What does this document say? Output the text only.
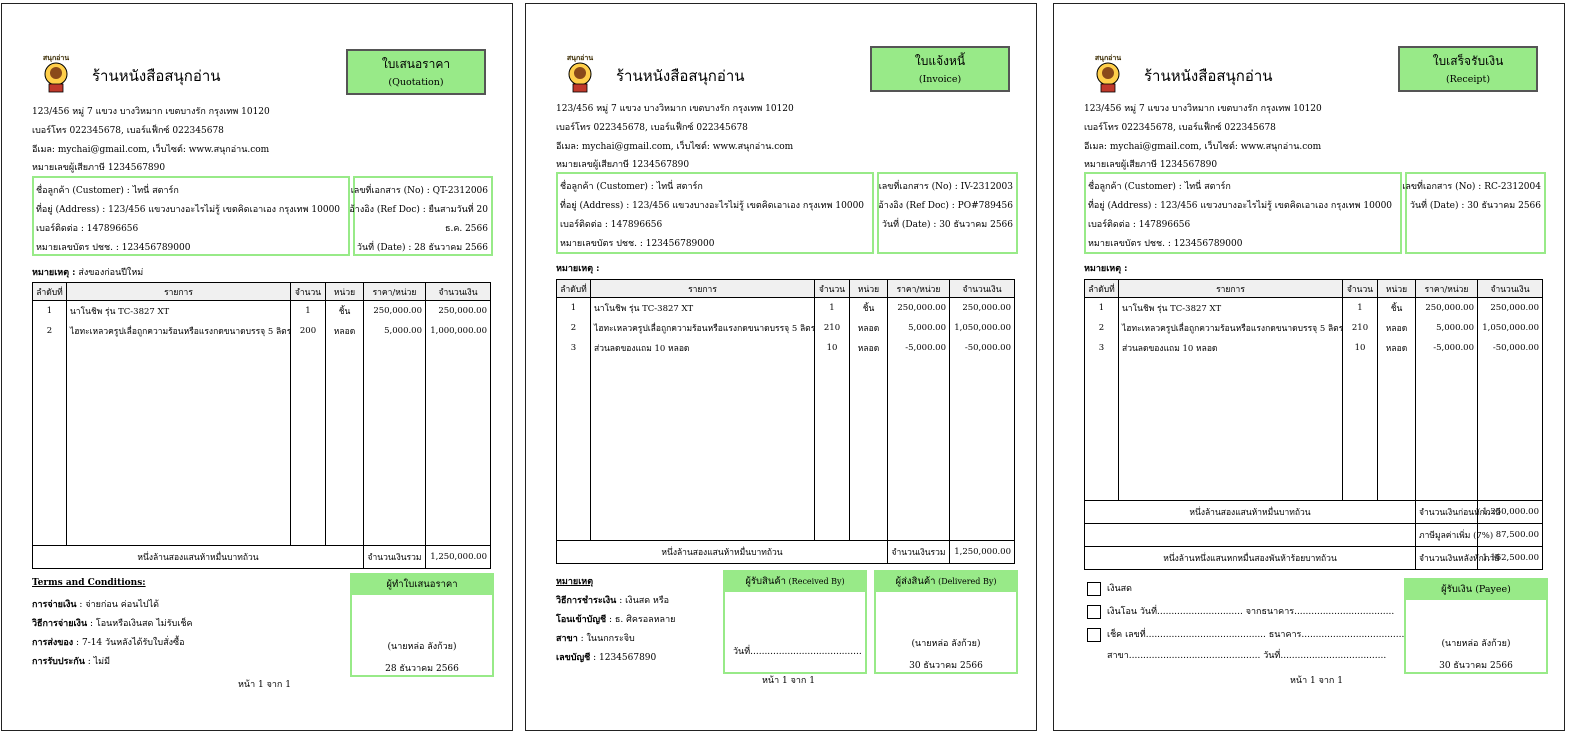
สนุกอ่าน
ร้านหนังสือสนุกอ่าน
ใบเสนอราคา
(Quotation)
123/456 หมู่ 7 แขวง บางวิหมาก เขตบางรัก กรุงเทพ 10120
เบอร์โทร 022345678, เบอร์แฟ็กซ์ 022345678
อีเมล: mychai@gmail.com, เว็บไซต์: www.สนุกอ่าน.com
หมายเลขผู้เสียภาษี 1234567890
ชื่อลูกค้า (Customer) : ไทนี่ สตาร์ก
ที่อยู่ (Address) : 123/456 แขวงบางอะไรไม่รู้ เขตคิดเอาเอง กรุงเทพ 10000
เบอร์ติดต่อ : 147896656
หมายเลขบัตร ปชช. : 123456789000
เลขที่เอกสาร (No) : QT-2312006
อ้างอิง (Ref Doc) : ยืนสามวันที่ 20
ธ.ค. 2566
วันที่ (Date) : 28 ธันวาคม 2566
หมายเหตุ : ส่งของก่อนปีใหม่
ลำดับที่	รายการ	จำนวน	หน่วย	ราคา/หน่วย	จำนวนเงิน
1	นาโนชิพ รุ่น TC-3827 XT	1	ชิ้น	250,000.00	250,000.00
2	ไฮทะเหลวครูปเลื่อถูกความร้อนหรือแรงกดขนาดบรรจุ 5 ลิตร	200	หลอด	5,000.00	1,000,000.00

หนึ่งล้านสองแสนห้าหมื่นบาทถ้วน				จำนวนเงินรวม	1,250,000.00
Terms and Conditions:
การจ่ายเงิน : จ่ายก่อน ค่อนไปได้
วิธีการจ่ายเงิน : โอนหรือเงินสด ไม่รับเช็ค
การส่งของ : 7-14 วันหลังได้รับใบสั่งซื้อ
การรับประกัน : ไม่มี
ผู้ทำใบเสนอราคา
(นายหล่อ ลังก้วย)
28 ธันวาคม 2566
หน้า 1 จาก 1
สนุกอ่าน
ร้านหนังสือสนุกอ่าน
ใบแจ้งหนี้
(Invoice)
123/456 หมู่ 7 แขวง บางวิหมาก เขตบางรัก กรุงเทพ 10120
เบอร์โทร 022345678, เบอร์แฟ็กซ์ 022345678
อีเมล: mychai@gmail.com, เว็บไซต์: www.สนุกอ่าน.com
หมายเลขผู้เสียภาษี 1234567890
ชื่อลูกค้า (Customer) : ไทนี่ สตาร์ก
ที่อยู่ (Address) : 123/456 แขวงบางอะไรไม่รู้ เขตคิดเอาเอง กรุงเทพ 10000
เบอร์ติดต่อ : 147896656
หมายเลขบัตร ปชช. : 123456789000
เลขที่เอกสาร (No) : IV-2312003
อ้างอิง (Ref Doc) : PO#789456
วันที่ (Date) : 30 ธันวาคม 2566
หมายเหตุ :
ลำดับที่	รายการ	จำนวน	หน่วย	ราคา/หน่วย	จำนวนเงิน
1	นาโนชิพ รุ่น TC-3827 XT	1	ชิ้น	250,000.00	250,000.00
2	ไฮทะเหลวครูปเลื่อถูกความร้อนหรือแรงกดขนาดบรรจุ 5 ลิตร	210	หลอด	5,000.00	1,050,000.00
3	ส่วนลดของแถม 10 หลอด	10	หลอด	-5,000.00	-50,000.00

หนึ่งล้านสองแสนห้าหมื่นบาทถ้วน				จำนวนเงินรวม	1,250,000.00
หมายเหตุ
วิธีการชำระเงิน : เงินสด หรือ
โอนเข้าบัญชี : ธ. ศิครอลหลาย
สาขา : ในนกกระจิบ
เลขบัญชี : 1234567890
ผู้รับสินค้า (Received By)
วันที่.......................................
ผู้ส่งสินค้า (Delivered By)
(นายหล่อ ลังก้วย)
30 ธันวาคม 2566
หน้า 1 จาก 1
สนุกอ่าน
ร้านหนังสือสนุกอ่าน
ใบเสร็จรับเงิน
(Receipt)
123/456 หมู่ 7 แขวง บางวิหมาก เขตบางรัก กรุงเทพ 10120
เบอร์โทร 022345678, เบอร์แฟ็กซ์ 022345678
อีเมล: mychai@gmail.com, เว็บไซต์: www.สนุกอ่าน.com
หมายเลขผู้เสียภาษี 1234567890
ชื่อลูกค้า (Customer) : ไทนี่ สตาร์ก
ที่อยู่ (Address) : 123/456 แขวงบางอะไรไม่รู้ เขตคิดเอาเอง กรุงเทพ 10000
เบอร์ติดต่อ : 147896656
หมายเลขบัตร ปชช. : 123456789000
เลขที่เอกสาร (No) : RC-2312004
วันที่ (Date) : 30 ธันวาคม 2566
หมายเหตุ :
ลำดับที่	รายการ	จำนวน	หน่วย	ราคา/หน่วย	จำนวนเงิน
1	นาโนชิพ รุ่น TC-3827 XT	1	ชิ้น	250,000.00	250,000.00
2	ไฮทะเหลวครูปเลื่อถูกความร้อนหรือแรงกดขนาดบรรจุ 5 ลิตร	210	หลอด	5,000.00	1,050,000.00
3	ส่วนลดของแถม 10 หลอด	10	หลอด	-5,000.00	-50,000.00

หนึ่งล้านสองแสนห้าหมื่นบาทถ้วน				จำนวนเงินก่อนหักภาษี	1,250,000.00
				ภาษีมูลค่าเพิ่ม (7%)	87,500.00
หนึ่งล้านหนึ่งแสนหกหมื่นสองพันห้าร้อยบาทถ้วน				จำนวนเงินหลังหักภาษี	1,162,500.00
เงินสด
เงินโอน วันที่.............................. จากธนาคาร...................................
เช็ค เลขที่.......................................... ธนาคาร....................................
สาขา.............................................. วันที่.....................................
ผู้รับเงิน (Payee)
(นายหล่อ ลังก้วย)
30 ธันวาคม 2566
หน้า 1 จาก 1
